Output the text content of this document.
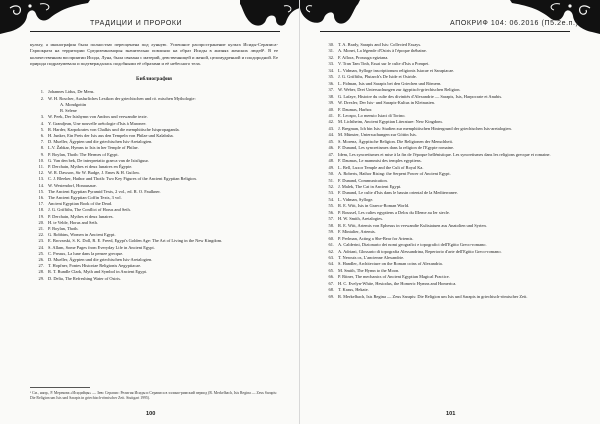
ТРАДИЦИИ И ПРОРОКИ

культу, а иконография была полностью переоценена под лунную. Успешное распространение культа Исиды-Сераписа-Гарпократа на территории Средиземноморья значительно повлияло на образ Исиды в жизнях женских людей¹. В ее количественном восприятии Исида, Луна, была связана с материй, девственницей и женой, целомудренной и плодородной. Ее природа подразумевала и подтверждалась подобными её образами и её небесного тела.

Библиография
1. Johannes Lidus, De Mens.
2. W. H. Roscher, Ausfurliches Lexikon der griechischen und rö. mischen Mythologie:
A. Mondgottin
B. Selene
3. W. Peek, Der Isishymn von Andros und verwandte texte.
4. Y. Grandjean, Une nouvelle arétologie d'Isis à Maronee.
5. R. Harder, Karpokrates von Chalkis und die memphitische Isispropaganda.
6. H. Junker, Ein Preis der Isis aus den Tempeln von Philae und Kalabsha.
7. D. Mueller, Ägypten und die griechischen Isis-Aretalogien.
8. L.V. Žabkar, Hymns to Isis in her Temple of Philae.
9. P. Boylan, Thoth: The Hermes of Egypt.
10. G. Van den bek, De interpretatio graeca van de Isisfiguur.
11. P. Derchain, Mythes et deux lunaires en Égypte.
12. W. R. Dawson, Sir W. Budge, J. Emes & H. Guilow.
13. C. J. Bleeker, Hathor and Thoth: Two Key Figures of the Ancient Egyptian Religion.
14. W. Westendorf, Honausaue.
15. The Ancient Egyptian Pyramid Texts, 2 vol., ed. R. O. Faulkner.
16. The Ancient Egyptian Coffin Texts, 3 vol.
17. Ancient Egyptian Book of the Dead.
18. J. G. Griffiths, The Conflict of Horus and Seth.
19. P. Derchain, Mythes et deux lunaires.
20. H. te Velde, Horus and Seth.
21. P. Boylan, Thoth.
22. G. Robbins, Women in Ancient Egypt.
23. E. Brovarski, S. K. Doll, R. E. Freed, Egypt's Golden Age: The Art of Living in the New Kingdom.
24. S. Allam, Some Pages from Everyday Life in Ancient Egypt.
25. C. Preaux, La lune dans la pensee grecque.
26. D. Mueller, Ägypten und die griechischen Isis-Aretalogien.
27. T. Hopfner, Fontes Historiae Religionis Aegyptiacae.
28. R. T. Rundle Clark, Myth and Symbol in Ancient Egypt.
29. D. Delia, The Refreshing Water of Osiris.
¹ См., напр., P. Мерекова «Исидийцы» — Зевс Серапис: Религия Исиды и Сераписа в эллино-римский период (R. Merkelbach, Isis Regina — Zeus Sarapis: Die Religion um Isis und Sarapis in griechisch-römischer Zeit. Stuttgart 1995).
100
АПОКРИФ 104: 06.2016 (П5.2е.п.)
30. T. A. Brady, Sarapis and Isis: Collected Essays.
31. A. Monet, La légende d'Osiris à l'époque thébaine.
32. F. Aflora, Prossuga egiziana.
33. V. Tran Tam Tinh, Essai sur le culte d'Isis a Pompei.
34. L. Vidman, Sylloge inscriptionum religionis Isiacae et Sarapiacae.
35. J. G. Griffiths, Plutarch's De Iside et Osiride.
36. L. Fidman, Isis und Sarapis bei den Griechen und Römern.
37. W. Weber, Drei Untersuchungen zur ägyptisch-griechischen Religion.
38. G. Lafaye, Histoire du culte des divinités d'Alexandrie — Sarapis, Isis, Harpocrate et Anubis.
39. W. Drexler, Der Isis- und Sarapis-Kultus in Kleinasien.
40. F. Daumas, Harhor.
41. E. Leospo, Lo mensio Isiaci di Torino.
42. M. Lichtheim, Ancient Egyptian Literature: New Kingdom.
43. J. Bregman, Ich bin Isis: Studien zur memphitischen Hintergrund der griechischen Isis-aretalogien.
44. M. Münster, Untersuchungen zur Göttin Isis.
45. S. Morenz, Ägyptische Religion. Die Religionen der Menschheit.
46. F. Dunand, Les syncretismes dans la religion de l'Egypte romaine.
47. Idem, Les syncretismes et mise à la fin de l'époque hellénistique. Les syncretismes dans les religions grecque et romaine.
48. F. Daumas, Le mammisi des temples egyptiens.
49. L. Bell, Luxor Temple and the Cult of Royal Ka.
50. A. Roberts, Hathor Rising: the Serpent Power of Ancient Egypt.
51. F. Dunand, Communication.
52. J. Malek, The Cat in Ancient Egypt.
53. F. Dunand, Le culte d'Isis dans le bassin oriental de la Mediterranee.
54. L. Vidman, Sylloge.
55. R. E. Witt, Isis in Graeco-Roman World.
56. P. Roussel, Les cultes egyptiens a Delos du IIIeme au Ier siecle.
57. H. W. Smith, Aretalogies.
58. R. E. Witt, Artemis von Ephesus in verwandte Kultstatuen aus Anatolien und Syrien.
59. F. Mintalier, Artemis.
60. P. Perlman, Acting a She-Bear for Artemis.
61. A. Calderini, Dizionario dei nomi geografici e topografici dell'Egitto Greco-romano.
62. A. Adriani, Glossario di topografia Alessandrina, Repertorio d'arte dell'Egitto Greco-romano.
63. T. Nerouts os, L'ancienne Alexandrie.
64. S. Handler, Architecture on the Roman coins of Alexandria.
65. M. Smith, The Hymn to the Moon.
66. P. Ritner, The mechanics of Ancient Egyptian Magical Practice.
67. H. C. Evelyn-White, Hesiodus, the Homeric Hymns and Homerica.
68. T. Kraus, Hekate.
69. R. Merkelbach, Isis Regina — Zeus Sarapis: Die Religion um Isis und Sarapis in griechisch-römischer Zeit.
101
